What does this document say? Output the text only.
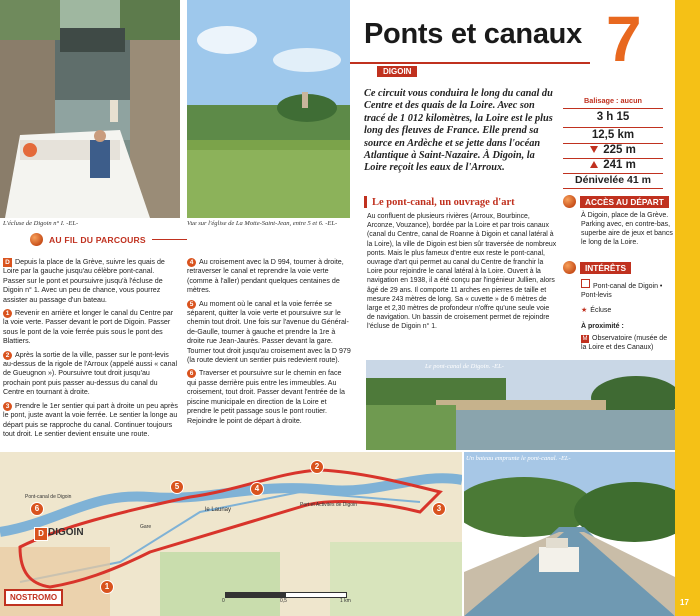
L'écluse de Digoin n° I. -EL-	Vue sur l'église de La Motte-Saint-Jean, entre 5 et 6. -EL-
Ponts et canaux 7
DIGOIN
Ce circuit vous conduira le long du canal du Centre et des quais de la Loire. Avec son tracé de 1 012 kilomètres, la Loire est le plus long des fleuves de France. Elle prend sa source en Ardèche et se jette dans l'océan Atlantique à Saint-Nazaire. À Digoin, la Loire reçoit les eaux de l'Arroux.
Le pont-canal, un ouvrage d'art
Au confluent de plusieurs rivières (Arroux, Bourbince, Arconze, Vouzance), bordée par la Loire et par trois canaux (canal du Centre, canal de Roanne à Digoin et canal latéral à la Loire), la ville de Digoin est bien sûr traversée de nombreux ponts. Mais le plus fameux d'entre eux reste le pont-canal, ouvrage d'art qui permet au canal du Centre de franchir la Loire pour rejoindre le canal latéral à la Loire. Ouvert à la navigation en 1938, il a été conçu par l'ingénieur Jullien, alors âgé de 29 ans. Il comporte 11 arches en pierres de taille et mesure 243 mètres de long. Sa « cuvette » de 6 mètres de large et 2,30 mètres de profondeur n'offre qu'une seule voie de navigation. Un bassin de croisement permet de rejoindre l'écluse de Digoin n° 1.
Balisage : aucun
3 h 15
12,5 km
225 m
241 m
Dénivelée 41 m
ACCÈS AU DÉPART
À Digoin, place de la Grève. Parking avec, en contre-bas, superbe aire de jeux et bancs le long de la Loire.
INTÉRÊTS
Pont-canal de Digoin • Pont-levis
★ Écluse
À proximité :
M Observatoire (musée de la Loire et des Canaux)
AU FIL DU PARCOURS

D Depuis la place de la Grève, suivre les quais de Loire par la gauche jusqu'au célèbre pont-canal. Passer sur le pont et poursuivre jusqu'à l'écluse de Digoin n° 1. Avec un peu de chance, vous pourrez assister au passage d'un bateau.

1 Revenir en arrière et longer le canal du Centre par la voie verte. Passer devant le port de Digoin. Passer sous le pont de la voie ferrée puis sous le pont des Blattiers.

2 Après la sortie de la ville, passer sur le pont-levis au-dessus de la rigole de l'Arroux (appelé aussi « canal de Gueugnon »). Poursuivre tout droit jusqu'au prochain pont puis passer au-dessus du canal du Centre en tournant à droite.

3 Prendre le 1er sentier qui part à droite un peu après le pont, juste avant la voie ferrée. Le sentier la longe au départ puis se rapproche du canal. Continuer toujours tout droit. Le sentier devient ensuite une route.

4 Au croisement avec la D 994, tourner à droite, retraverser le canal et reprendre la voie verte (comme à l'aller) pendant quelques centaines de mètres.

5 Au moment où le canal et la voie ferrée se séparent, quitter la voie verte et poursuivre sur le chemin tout droit. Une fois sur l'avenue du Général-de-Gaulle, tourner à gauche et prendre la 1re à droite rue Jean-Jaurès. Passer devant la gare. Tourner tout droit jusqu'au croisement avec la D 979 (la route devient un sentier puis redevient route).

6 Traverser et poursuivre sur le chemin en face qui passe derrière puis entre les immeubles. Au croisement, tout droit. Passer devant l'entrée de la piscine municipale en direction de la Loire et prendre le petit passage sous le pont routier. Rejoindre le point de départ à droite.

Le pont-canal de Digoin. -EL-
DIGOIN
le Launay
Gare
Pont-canal de Digoin
Port et Activités de Digoin
D
1
2
3
4
5
6
0	0,5	1 km
NOSTROMO
Un bateau emprunte le pont-canal. -EL-
17
